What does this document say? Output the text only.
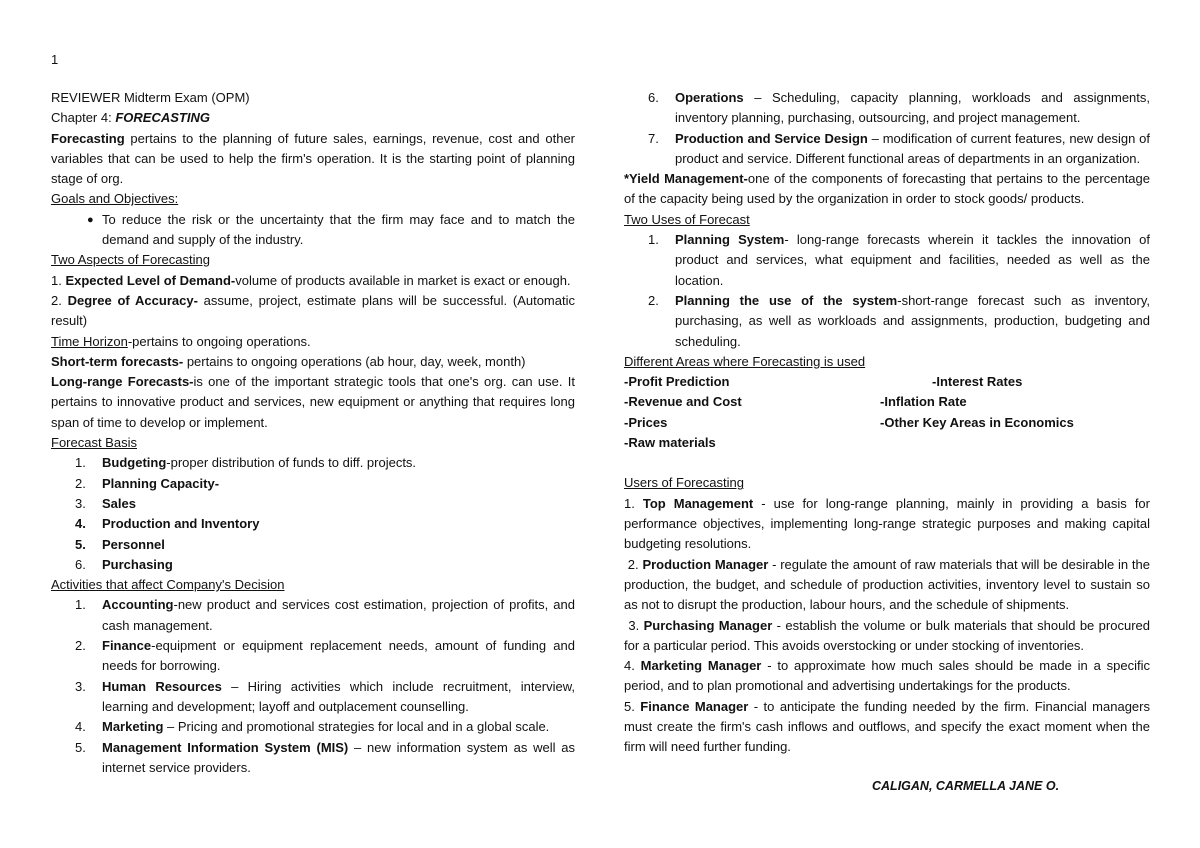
1
REVIEWER Midterm Exam (OPM)
Chapter 4: FORECASTING
Forecasting pertains to the planning of future sales, earnings, revenue, cost and other variables that can be used to help the firm's operation. It is the starting point of planning stage of org.
Goals and Objectives:
● To reduce the risk or the uncertainty that the firm may face and to match the demand and supply of the industry.
Two Aspects of Forecasting
1. Expected Level of Demand-volume of products available in market is exact or enough.
2. Degree of Accuracy- assume, project, estimate plans will be successful. (Automatic result)
Time Horizon-pertains to ongoing operations.
Short-term forecasts- pertains to ongoing operations (ab hour, day, week, month)
Long-range Forecasts-is one of the important strategic tools that one's org. can use. It pertains to innovative product and services, new equipment or anything that requires long span of time to develop or implement.
Forecast Basis
1. Budgeting-proper distribution of funds to diff. projects.
2. Planning Capacity-
3. Sales
4. Production and Inventory
5. Personnel
6. Purchasing
Activities that affect Company's Decision
1. Accounting-new product and services cost estimation, projection of profits, and cash management.
2. Finance-equipment or equipment replacement needs, amount of funding and needs for borrowing.
3. Human Resources – Hiring activities which include recruitment, interview, learning and development; layoff and outplacement counselling.
4. Marketing – Pricing and promotional strategies for local and in a global scale.
5. Management Information System (MIS) – new information system as well as internet service providers.
6. Operations – Scheduling, capacity planning, workloads and assignments, inventory planning, purchasing, outsourcing, and project management.
7. Production and Service Design – modification of current features, new design of product and service. Different functional areas of departments in an organization.
*Yield Management-one of the components of forecasting that pertains to the percentage of the capacity being used by the organization in order to stock goods/ products.
Two Uses of Forecast
1. Planning System- long-range forecasts wherein it tackles the innovation of product and services, what equipment and facilities, needed as well as the location.
2. Planning the use of the system-short-range forecast such as inventory, purchasing, as well as workloads and assignments, production, budgeting and scheduling.
Different Areas where Forecasting is used
-Profit Prediction	-Interest Rates
-Revenue and Cost	-Inflation Rate
-Prices	-Other Key Areas in Economics
-Raw materials
Users of Forecasting
1. Top Management - use for long-range planning, mainly in providing a basis for performance objectives, implementing long-range strategic purposes and making capital budgeting resolutions.
2. Production Manager - regulate the amount of raw materials that will be desirable in the production, the budget, and schedule of production activities, inventory level to sustain so as not to disrupt the production, labour hours, and the schedule of shipments.
3. Purchasing Manager - establish the volume or bulk materials that should be procured for a particular period. This avoids overstocking or under stocking of inventories.
4. Marketing Manager - to approximate how much sales should be made in a specific period, and to plan promotional and advertising undertakings for the products.
5. Finance Manager - to anticipate the funding needed by the firm. Financial managers must create the firm's cash inflows and outflows, and specify the exact moment when the firm will need further funding.
CALIGAN, CARMELLA JANE O.
